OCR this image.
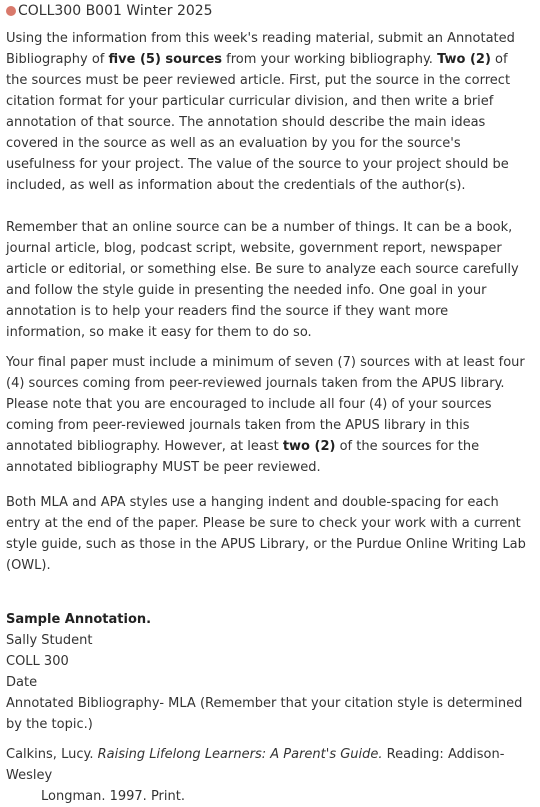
COLL300 B001 Winter 2025

Using the information from this week's reading material, submit an Annotated Bibliography of five (5) sources from your working bibliography. Two (2) of the sources must be peer reviewed article. First, put the source in the correct citation format for your particular curricular division, and then write a brief annotation of that source. The annotation should describe the main ideas covered in the source as well as an evaluation by you for the source's usefulness for your project. The value of the source to your project should be included, as well as information about the credentials of the author(s).

Remember that an online source can be a number of things. It can be a book, journal article, blog, podcast script, website, government report, newspaper article or editorial, or something else. Be sure to analyze each source carefully and follow the style guide in presenting the needed info. One goal in your annotation is to help your readers find the source if they want more information, so make it easy for them to do so.

Your final paper must include a minimum of seven (7) sources with at least four (4) sources coming from peer-reviewed journals taken from the APUS library. Please note that you are encouraged to include all four (4) of your sources coming from peer-reviewed journals taken from the APUS library in this annotated bibliography. However, at least two (2) of the sources for the annotated bibliography MUST be peer reviewed.

Both MLA and APA styles use a hanging indent and double-spacing for each entry at the end of the paper. Please be sure to check your work with a current style guide, such as those in the APUS Library, or the Purdue Online Writing Lab (OWL).

Sample Annotation.
Sally Student
COLL 300
Date
Annotated Bibliography- MLA (Remember that your citation style is determined by the topic.)
Calkins, Lucy. Raising Lifelong Learners: A Parent's Guide. Reading: Addison-Wesley
Longman. 1997. Print.
